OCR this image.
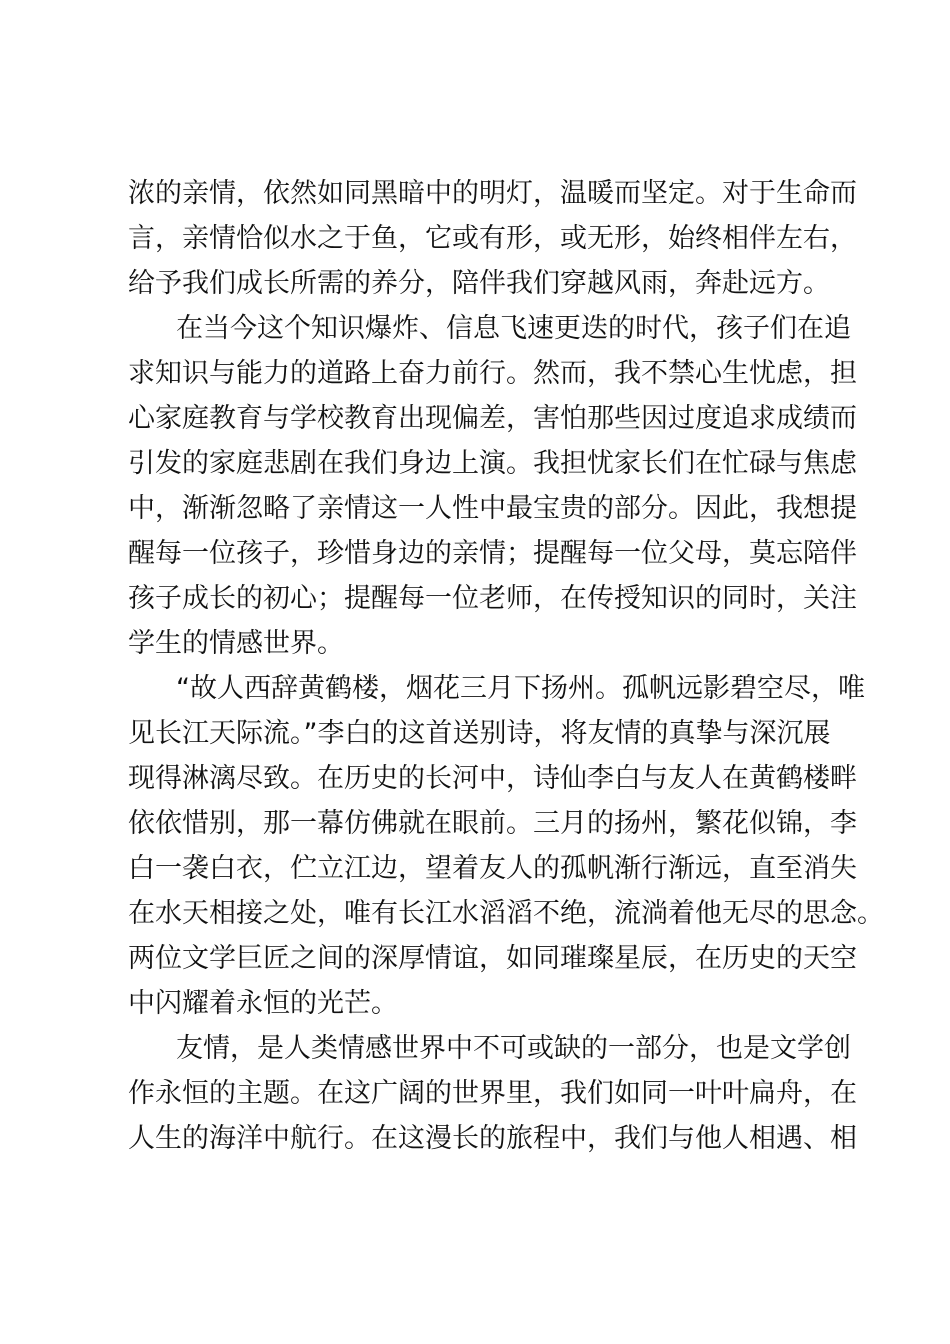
浓的亲情，依然如同黑暗中的明灯，温暖而坚定。对于生命而
言，亲情恰似水之于鱼，它或有形，或无形，始终相伴左右，
给予我们成长所需的养分，陪伴我们穿越风雨，奔赴远方。
在当今这个知识爆炸、信息飞速更迭的时代，孩子们在追
求知识与能力的道路上奋力前行。然而，我不禁心生忧虑，担
心家庭教育与学校教育出现偏差，害怕那些因过度追求成绩而
引发的家庭悲剧在我们身边上演。我担忧家长们在忙碌与焦虑
中，渐渐忽略了亲情这一人性中最宝贵的部分。因此，我想提
醒每一位孩子，珍惜身边的亲情；提醒每一位父母，莫忘陪伴
孩子成长的初心；提醒每一位老师，在传授知识的同时，关注
学生的情感世界。
“故人西辞黄鹤楼，烟花三月下扬州。孤帆远影碧空尽，唯
见长江天际流。”李白的这首送别诗，将友情的真挚与深沉展
现得淋漓尽致。在历史的长河中，诗仙李白与友人在黄鹤楼畔
依依惜别，那一幕仿佛就在眼前。三月的扬州，繁花似锦，李
白一袭白衣，伫立江边，望着友人的孤帆渐行渐远，直至消失
在水天相接之处，唯有长江水滔滔不绝，流淌着他无尽的思念。
两位文学巨匠之间的深厚情谊，如同璀璨星辰，在历史的天空
中闪耀着永恒的光芒。
友情，是人类情感世界中不可或缺的一部分，也是文学创
作永恒的主题。在这广阔的世界里，我们如同一叶叶扁舟，在
人生的海洋中航行。在这漫长的旅程中，我们与他人相遇、相
